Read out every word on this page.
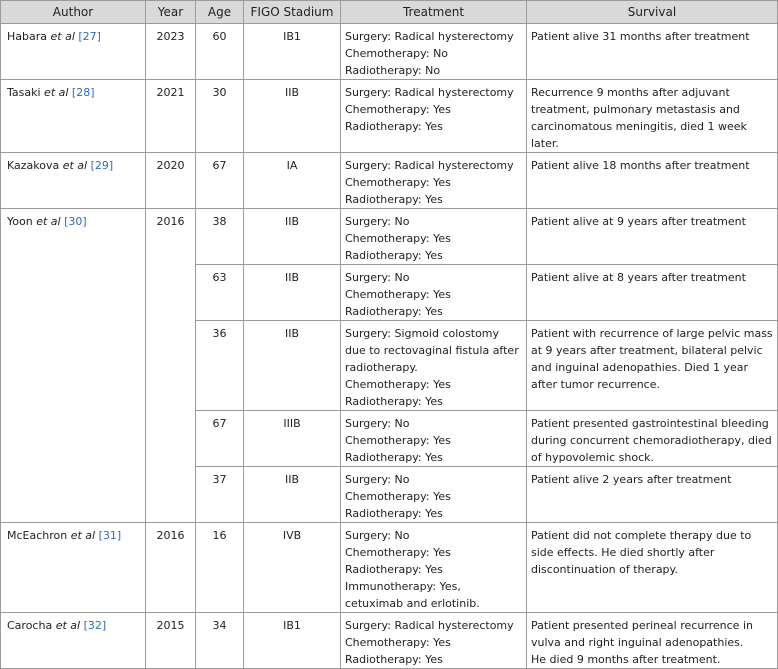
Author	Year	Age	FIGO Stadium	Treatment	Survival
Habara et al [27]	2023	60	IB1	Surgery: Radical hysterectomy
Chemotherapy: No
Radiotherapy: No	Patient alive 31 months after treatment
Tasaki et al [28]	2021	30	IIB	Surgery: Radical hysterectomy
Chemotherapy: Yes
Radiotherapy: Yes	Recurrence 9 months after adjuvant treatment, pulmonary metastasis and carcinomatous meningitis, died 1 week later.
Kazakova et al [29]	2020	67	IA	Surgery: Radical hysterectomy
Chemotherapy: Yes
Radiotherapy: Yes	Patient alive 18 months after treatment
Yoon et al [30]	2016	38	IIB	Surgery: No
Chemotherapy: Yes
Radiotherapy: Yes	Patient alive at 9 years after treatment
		63	IIB	Surgery: No
Chemotherapy: Yes
Radiotherapy: Yes	Patient alive at 8 years after treatment
		36	IIB	Surgery: Sigmoid colostomy due to rectovaginal fistula after radiotherapy.
Chemotherapy: Yes
Radiotherapy: Yes	Patient with recurrence of large pelvic mass at 9 years after treatment, bilateral pelvic and inguinal adenopathies. Died 1 year after tumor recurrence.
		67	IIIB	Surgery: No
Chemotherapy: Yes
Radiotherapy: Yes	Patient presented gastrointestinal bleeding during concurrent chemoradiotherapy, died of hypovolemic shock.
		37	IIB	Surgery: No
Chemotherapy: Yes
Radiotherapy: Yes	Patient alive 2 years after treatment
McEachron et al [31]	2016	16	IVB	Surgery: No
Chemotherapy: Yes
Radiotherapy: Yes
Immunotherapy: Yes, cetuximab and erlotinib.	Patient did not complete therapy due to side effects. He died shortly after discontinuation of therapy.
Carocha et al [32]	2015	34	IB1	Surgery: Radical hysterectomy
Chemotherapy: Yes
Radiotherapy: Yes	Patient presented perineal recurrence in vulva and right inguinal adenopathies.
He died 9 months after treatment.
